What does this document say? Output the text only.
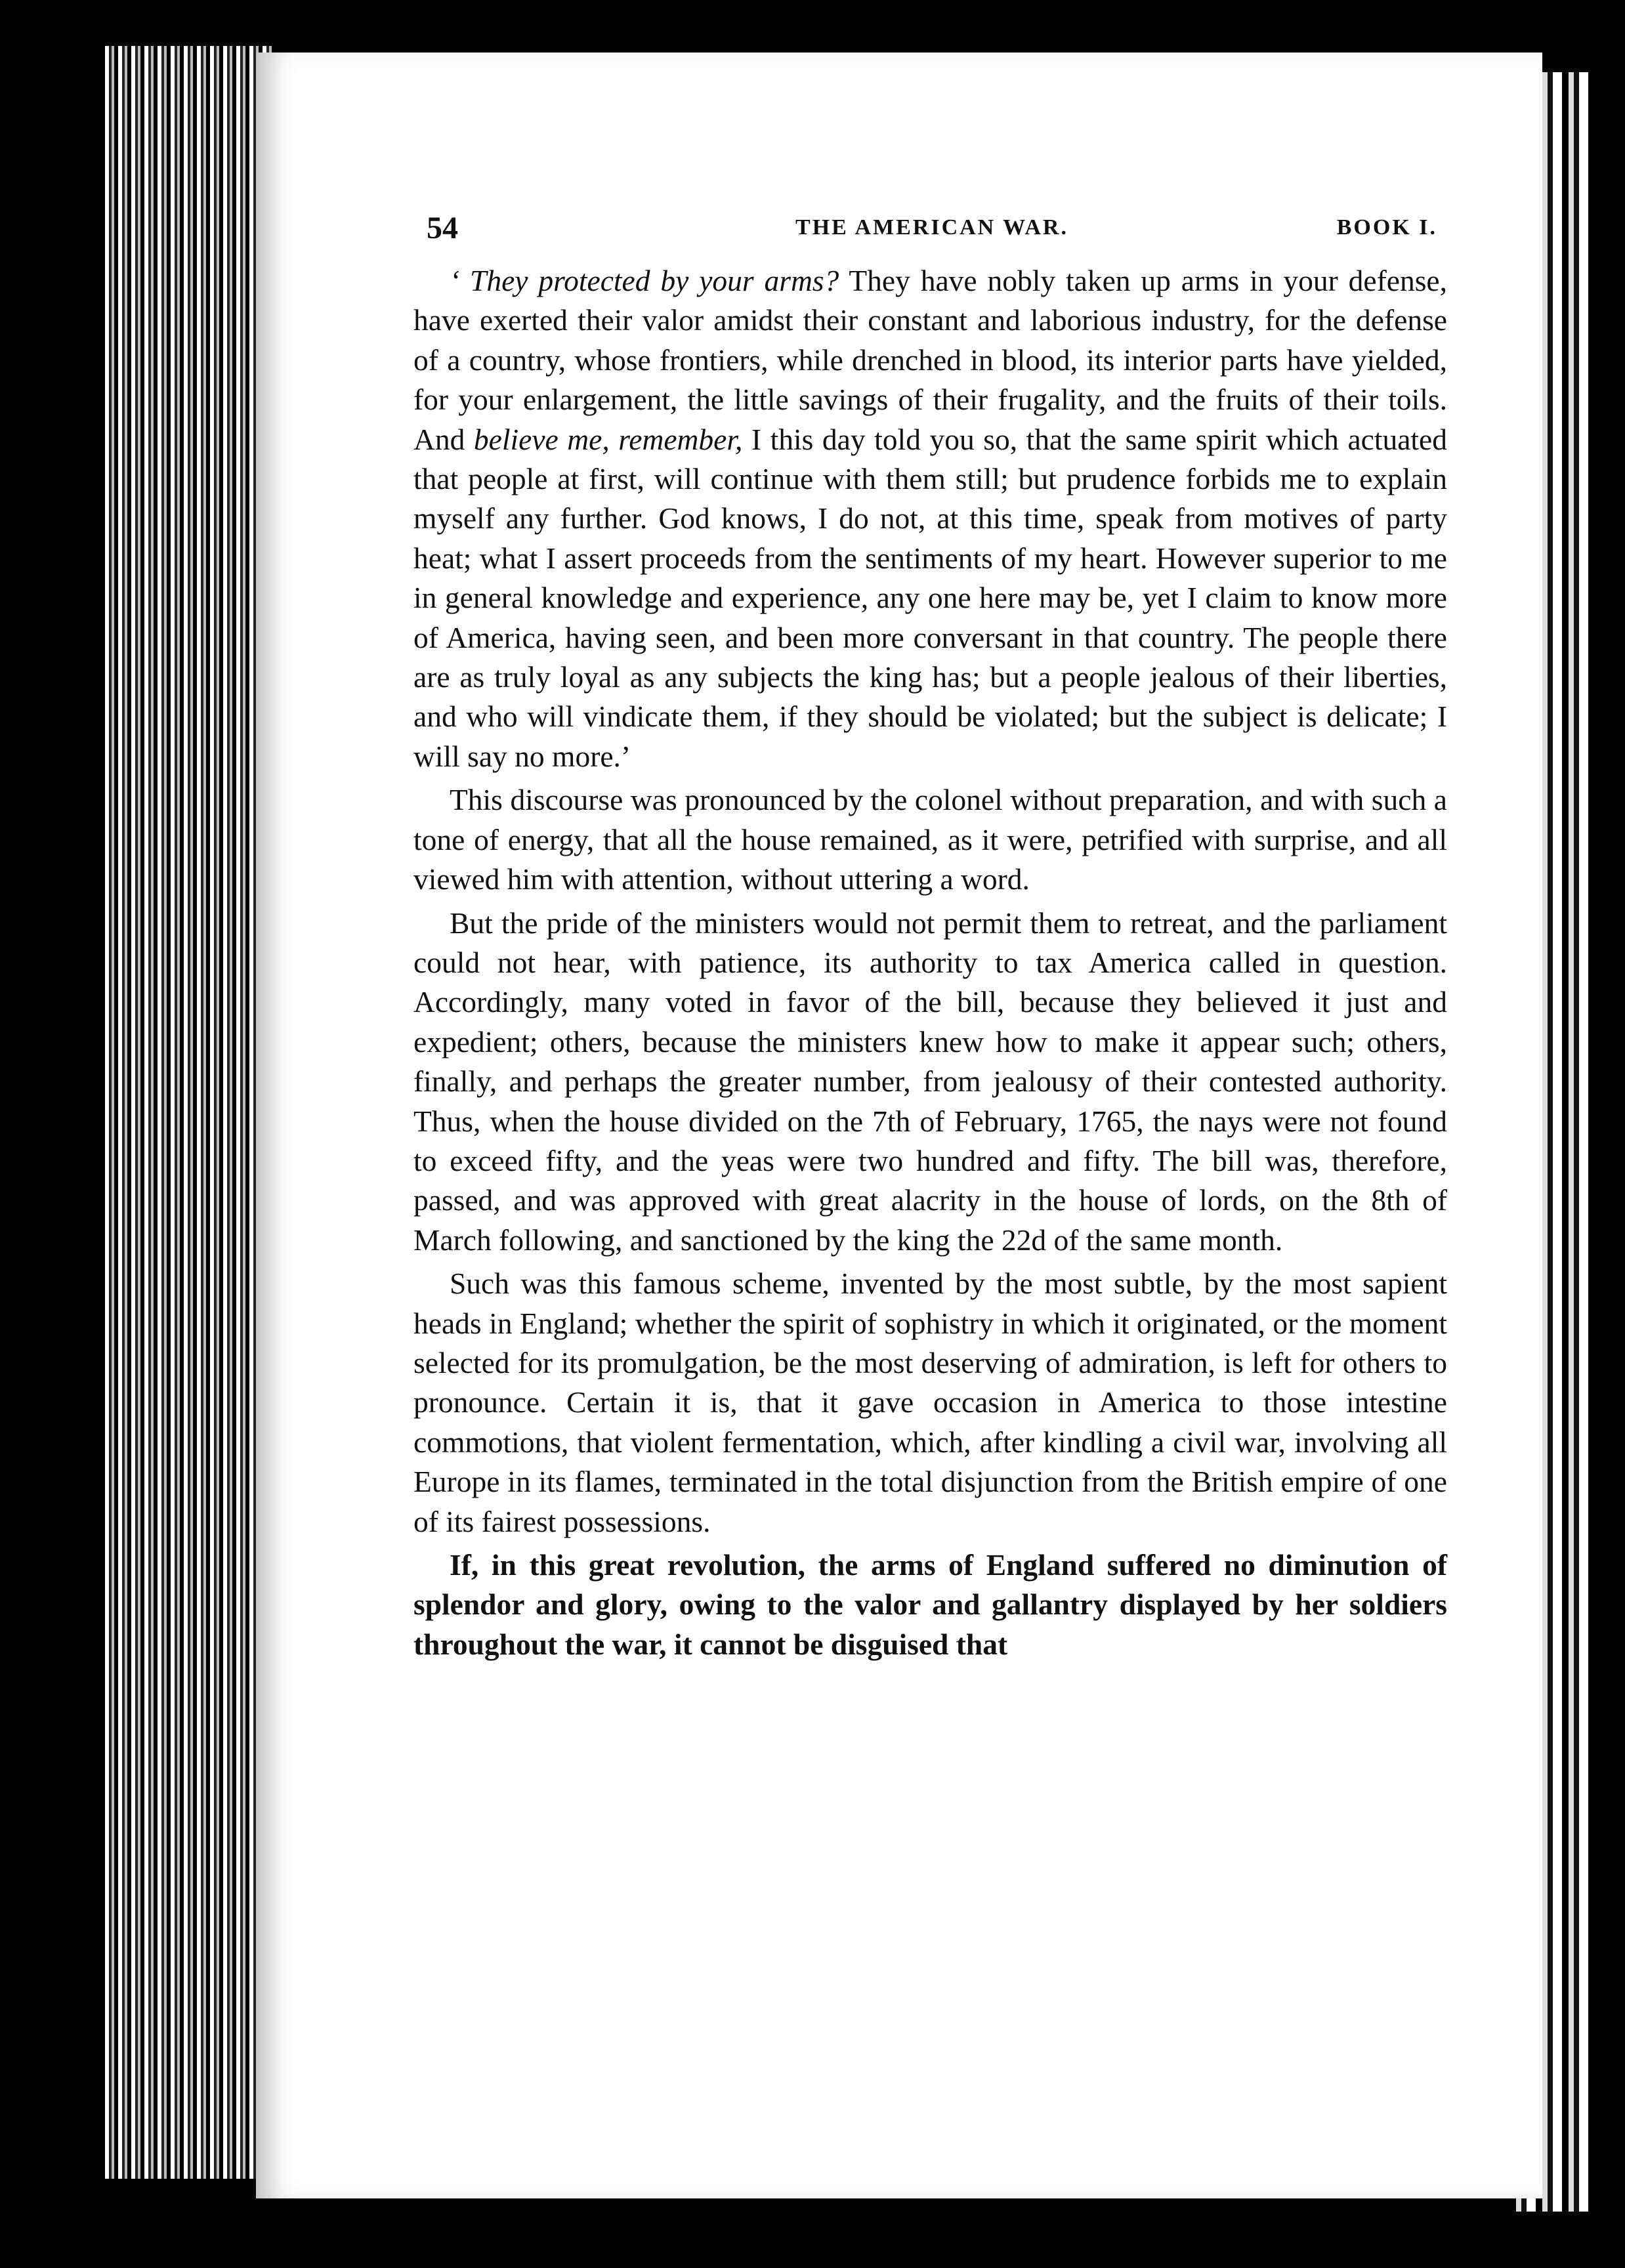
54	THE AMERICAN WAR.	BOOK I.

‘ They protected by your arms? They have nobly taken up arms in your defense, have exerted their valor amidst their constant and laborious industry, for the defense of a country, whose frontiers, while drenched in blood, its interior parts have yielded, for your enlargement, the little savings of their frugality, and the fruits of their toils. And believe me, remember, I this day told you so, that the same spirit which actuated that people at first, will continue with them still; but prudence forbids me to explain myself any further. God knows, I do not, at this time, speak from motives of party heat; what I assert proceeds from the sentiments of my heart. However superior to me in general knowledge and experience, any one here may be, yet I claim to know more of America, having seen, and been more conversant in that country. The people there are as truly loyal as any subjects the king has; but a people jealous of their liberties, and who will vindicate them, if they should be violated; but the subject is delicate; I will say no more.’

This discourse was pronounced by the colonel without preparation, and with such a tone of energy, that all the house remained, as it were, petrified with surprise, and all viewed him with attention, without uttering a word.

But the pride of the ministers would not permit them to retreat, and the parliament could not hear, with patience, its authority to tax America called in question. Accordingly, many voted in favor of the bill, because they believed it just and expedient; others, because the ministers knew how to make it appear such; others, finally, and perhaps the greater number, from jealousy of their contested authority. Thus, when the house divided on the 7th of February, 1765, the nays were not found to exceed fifty, and the yeas were two hundred and fifty. The bill was, therefore, passed, and was approved with great alacrity in the house of lords, on the 8th of March following, and sanctioned by the king the 22d of the same month.

Such was this famous scheme, invented by the most subtle, by the most sapient heads in England; whether the spirit of sophistry in which it originated, or the moment selected for its promulgation, be the most deserving of admiration, is left for others to pronounce. Certain it is, that it gave occasion in America to those intestine commotions, that violent fermentation, which, after kindling a civil war, involving all Europe in its flames, terminated in the total disjunction from the British empire of one of its fairest possessions.

If, in this great revolution, the arms of England suffered no diminution of splendor and glory, owing to the valor and gallantry displayed by her soldiers throughout the war, it cannot be disguised that
